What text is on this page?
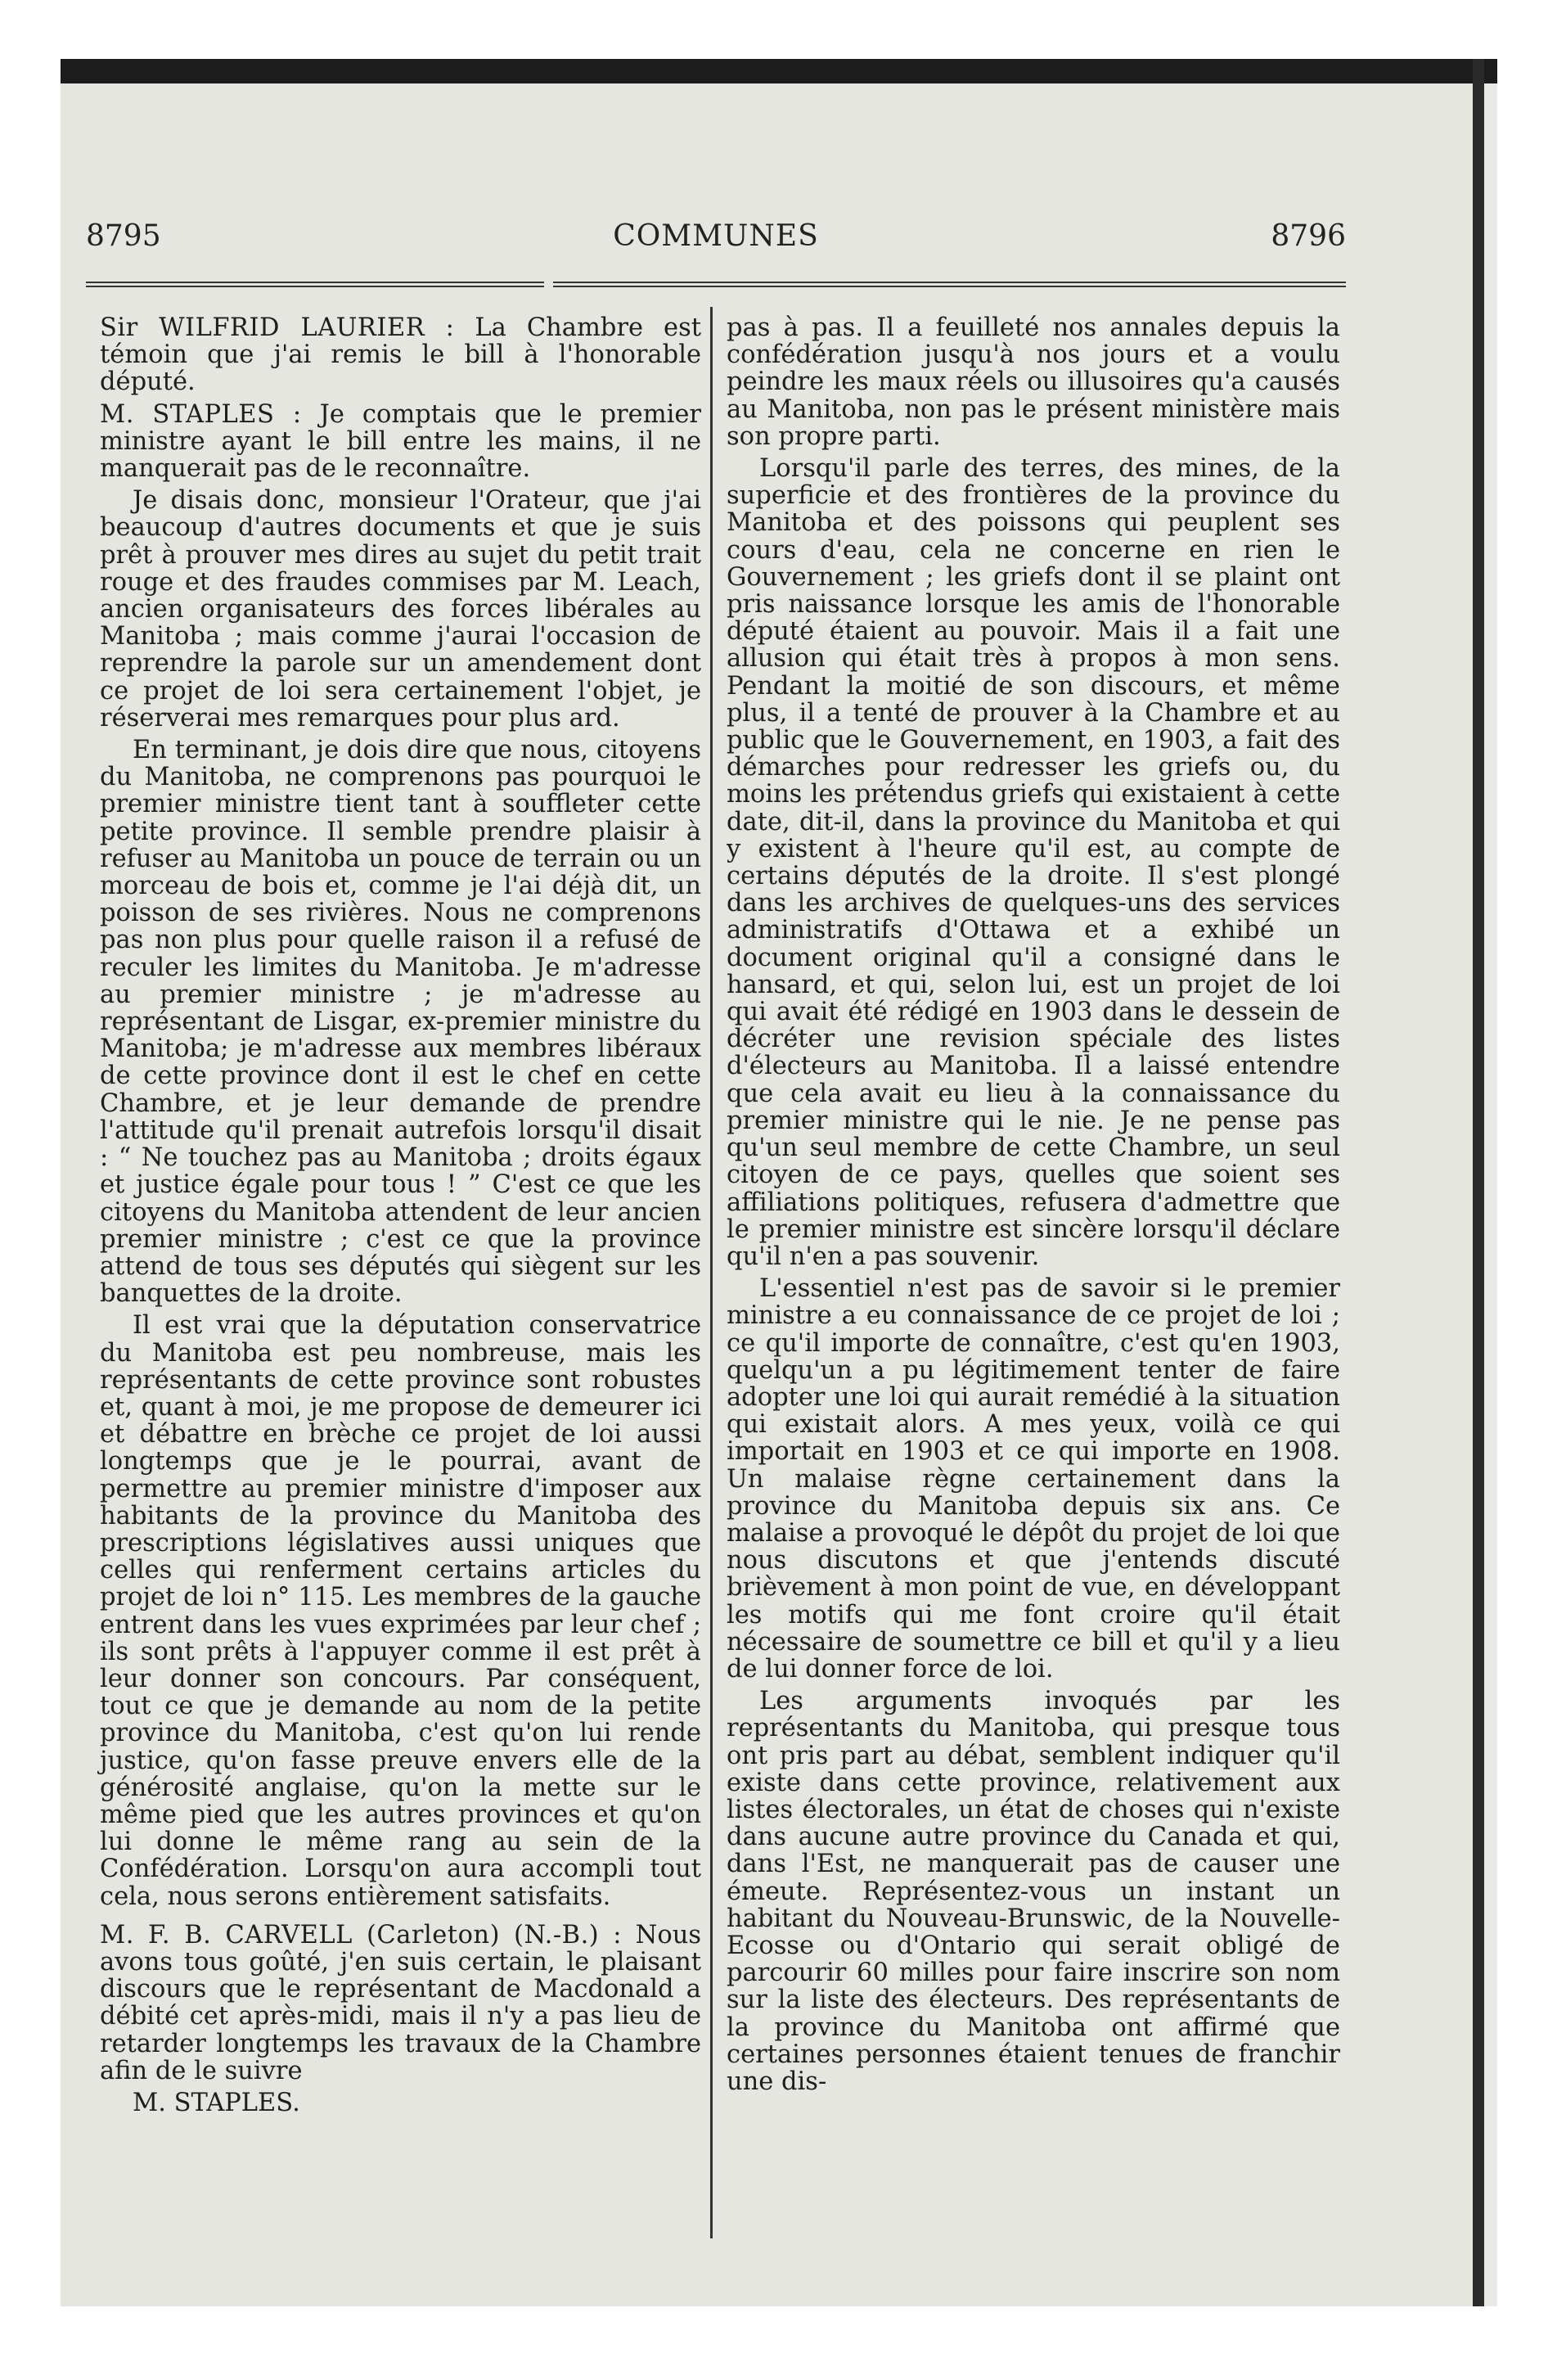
8795	COMMUNES	8796

Sir WILFRID LAURIER : La Chambre est témoin que j'ai remis le bill à l'honorable député.

M. STAPLES : Je comptais que le premier ministre ayant le bill entre les mains, il ne manquerait pas de le reconnaître.

Je disais donc, monsieur l'Orateur, que j'ai beaucoup d'autres documents et que je suis prêt à prouver mes dires au sujet du petit trait rouge et des fraudes commises par M. Leach, ancien organisateurs des forces libérales au Manitoba ; mais comme j'aurai l'occasion de reprendre la parole sur un amendement dont ce projet de loi sera certainement l'objet, je réserverai mes remarques pour plus ard.

En terminant, je dois dire que nous, citoyens du Manitoba, ne comprenons pas pourquoi le premier ministre tient tant à souffleter cette petite province. Il semble prendre plaisir à refuser au Manitoba un pouce de terrain ou un morceau de bois et, comme je l'ai déjà dit, un poisson de ses rivières. Nous ne comprenons pas non plus pour quelle raison il a refusé de reculer les limites du Manitoba. Je m'adresse au premier ministre ; je m'adresse au représentant de Lisgar, ex-premier ministre du Manitoba; je m'adresse aux membres libéraux de cette province dont il est le chef en cette Chambre, et je leur demande de prendre l'attitude qu'il prenait autrefois lorsqu'il disait : “ Ne touchez pas au Manitoba ; droits égaux et justice égale pour tous ! ” C'est ce que les citoyens du Manitoba attendent de leur ancien premier ministre ; c'est ce que la province attend de tous ses députés qui siègent sur les banquettes de la droite.

Il est vrai que la députation conservatrice du Manitoba est peu nombreuse, mais les représentants de cette province sont robustes et, quant à moi, je me propose de demeurer ici et débattre en brèche ce projet de loi aussi longtemps que je le pourrai, avant de permettre au premier ministre d'imposer aux habitants de la province du Manitoba des prescriptions législatives aussi uniques que celles qui renferment certains articles du projet de loi n° 115. Les membres de la gauche entrent dans les vues exprimées par leur chef ; ils sont prêts à l'appuyer comme il est prêt à leur donner son concours. Par conséquent, tout ce que je demande au nom de la petite province du Manitoba, c'est qu'on lui rende justice, qu'on fasse preuve envers elle de la générosité anglaise, qu'on la mette sur le même pied que les autres provinces et qu'on lui donne le même rang au sein de la Confédération. Lorsqu'on aura accompli tout cela, nous serons entièrement satisfaits.

M. F. B. CARVELL (Carleton) (N.-B.) : Nous avons tous goûté, j'en suis certain, le plaisant discours que le représentant de Macdonald a débité cet après-midi, mais il n'y a pas lieu de retarder longtemps les travaux de la Chambre afin de le suivre

M. STAPLES.

pas à pas. Il a feuilleté nos annales depuis la confédération jusqu'à nos jours et a voulu peindre les maux réels ou illusoires qu'a causés au Manitoba, non pas le présent ministère mais son propre parti.

Lorsqu'il parle des terres, des mines, de la superficie et des frontières de la province du Manitoba et des poissons qui peuplent ses cours d'eau, cela ne concerne en rien le Gouvernement ; les griefs dont il se plaint ont pris naissance lorsque les amis de l'honorable député étaient au pouvoir. Mais il a fait une allusion qui était très à propos à mon sens. Pendant la moitié de son discours, et même plus, il a tenté de prouver à la Chambre et au public que le Gouvernement, en 1903, a fait des démarches pour redresser les griefs ou, du moins les prétendus griefs qui existaient à cette date, dit-il, dans la province du Manitoba et qui y existent à l'heure qu'il est, au compte de certains députés de la droite. Il s'est plongé dans les archives de quelques-uns des services administratifs d'Ottawa et a exhibé un document original qu'il a consigné dans le hansard, et qui, selon lui, est un projet de loi qui avait été rédigé en 1903 dans le dessein de décréter une revision spéciale des listes d'électeurs au Manitoba. Il a laissé entendre que cela avait eu lieu à la connaissance du premier ministre qui le nie. Je ne pense pas qu'un seul membre de cette Chambre, un seul citoyen de ce pays, quelles que soient ses affiliations politiques, refusera d'admettre que le premier ministre est sincère lorsqu'il déclare qu'il n'en a pas souvenir.

L'essentiel n'est pas de savoir si le premier ministre a eu connaissance de ce projet de loi ; ce qu'il importe de connaître, c'est qu'en 1903, quelqu'un a pu légitimement tenter de faire adopter une loi qui aurait remédié à la situation qui existait alors. A mes yeux, voilà ce qui importait en 1903 et ce qui importe en 1908. Un malaise règne certainement dans la province du Manitoba depuis six ans. Ce malaise a provoqué le dépôt du projet de loi que nous discutons et que j'entends discuté brièvement à mon point de vue, en développant les motifs qui me font croire qu'il était nécessaire de soumettre ce bill et qu'il y a lieu de lui donner force de loi.

Les arguments invoqués par les représentants du Manitoba, qui presque tous ont pris part au débat, semblent indiquer qu'il existe dans cette province, relativement aux listes électorales, un état de choses qui n'existe dans aucune autre province du Canada et qui, dans l'Est, ne manquerait pas de causer une émeute. Représentez-vous un instant un habitant du Nouveau-Brunswic, de la Nouvelle-Ecosse ou d'Ontario qui serait obligé de parcourir 60 milles pour faire inscrire son nom sur la liste des électeurs. Des représentants de la province du Manitoba ont affirmé que certaines personnes étaient tenues de franchir une dis-
